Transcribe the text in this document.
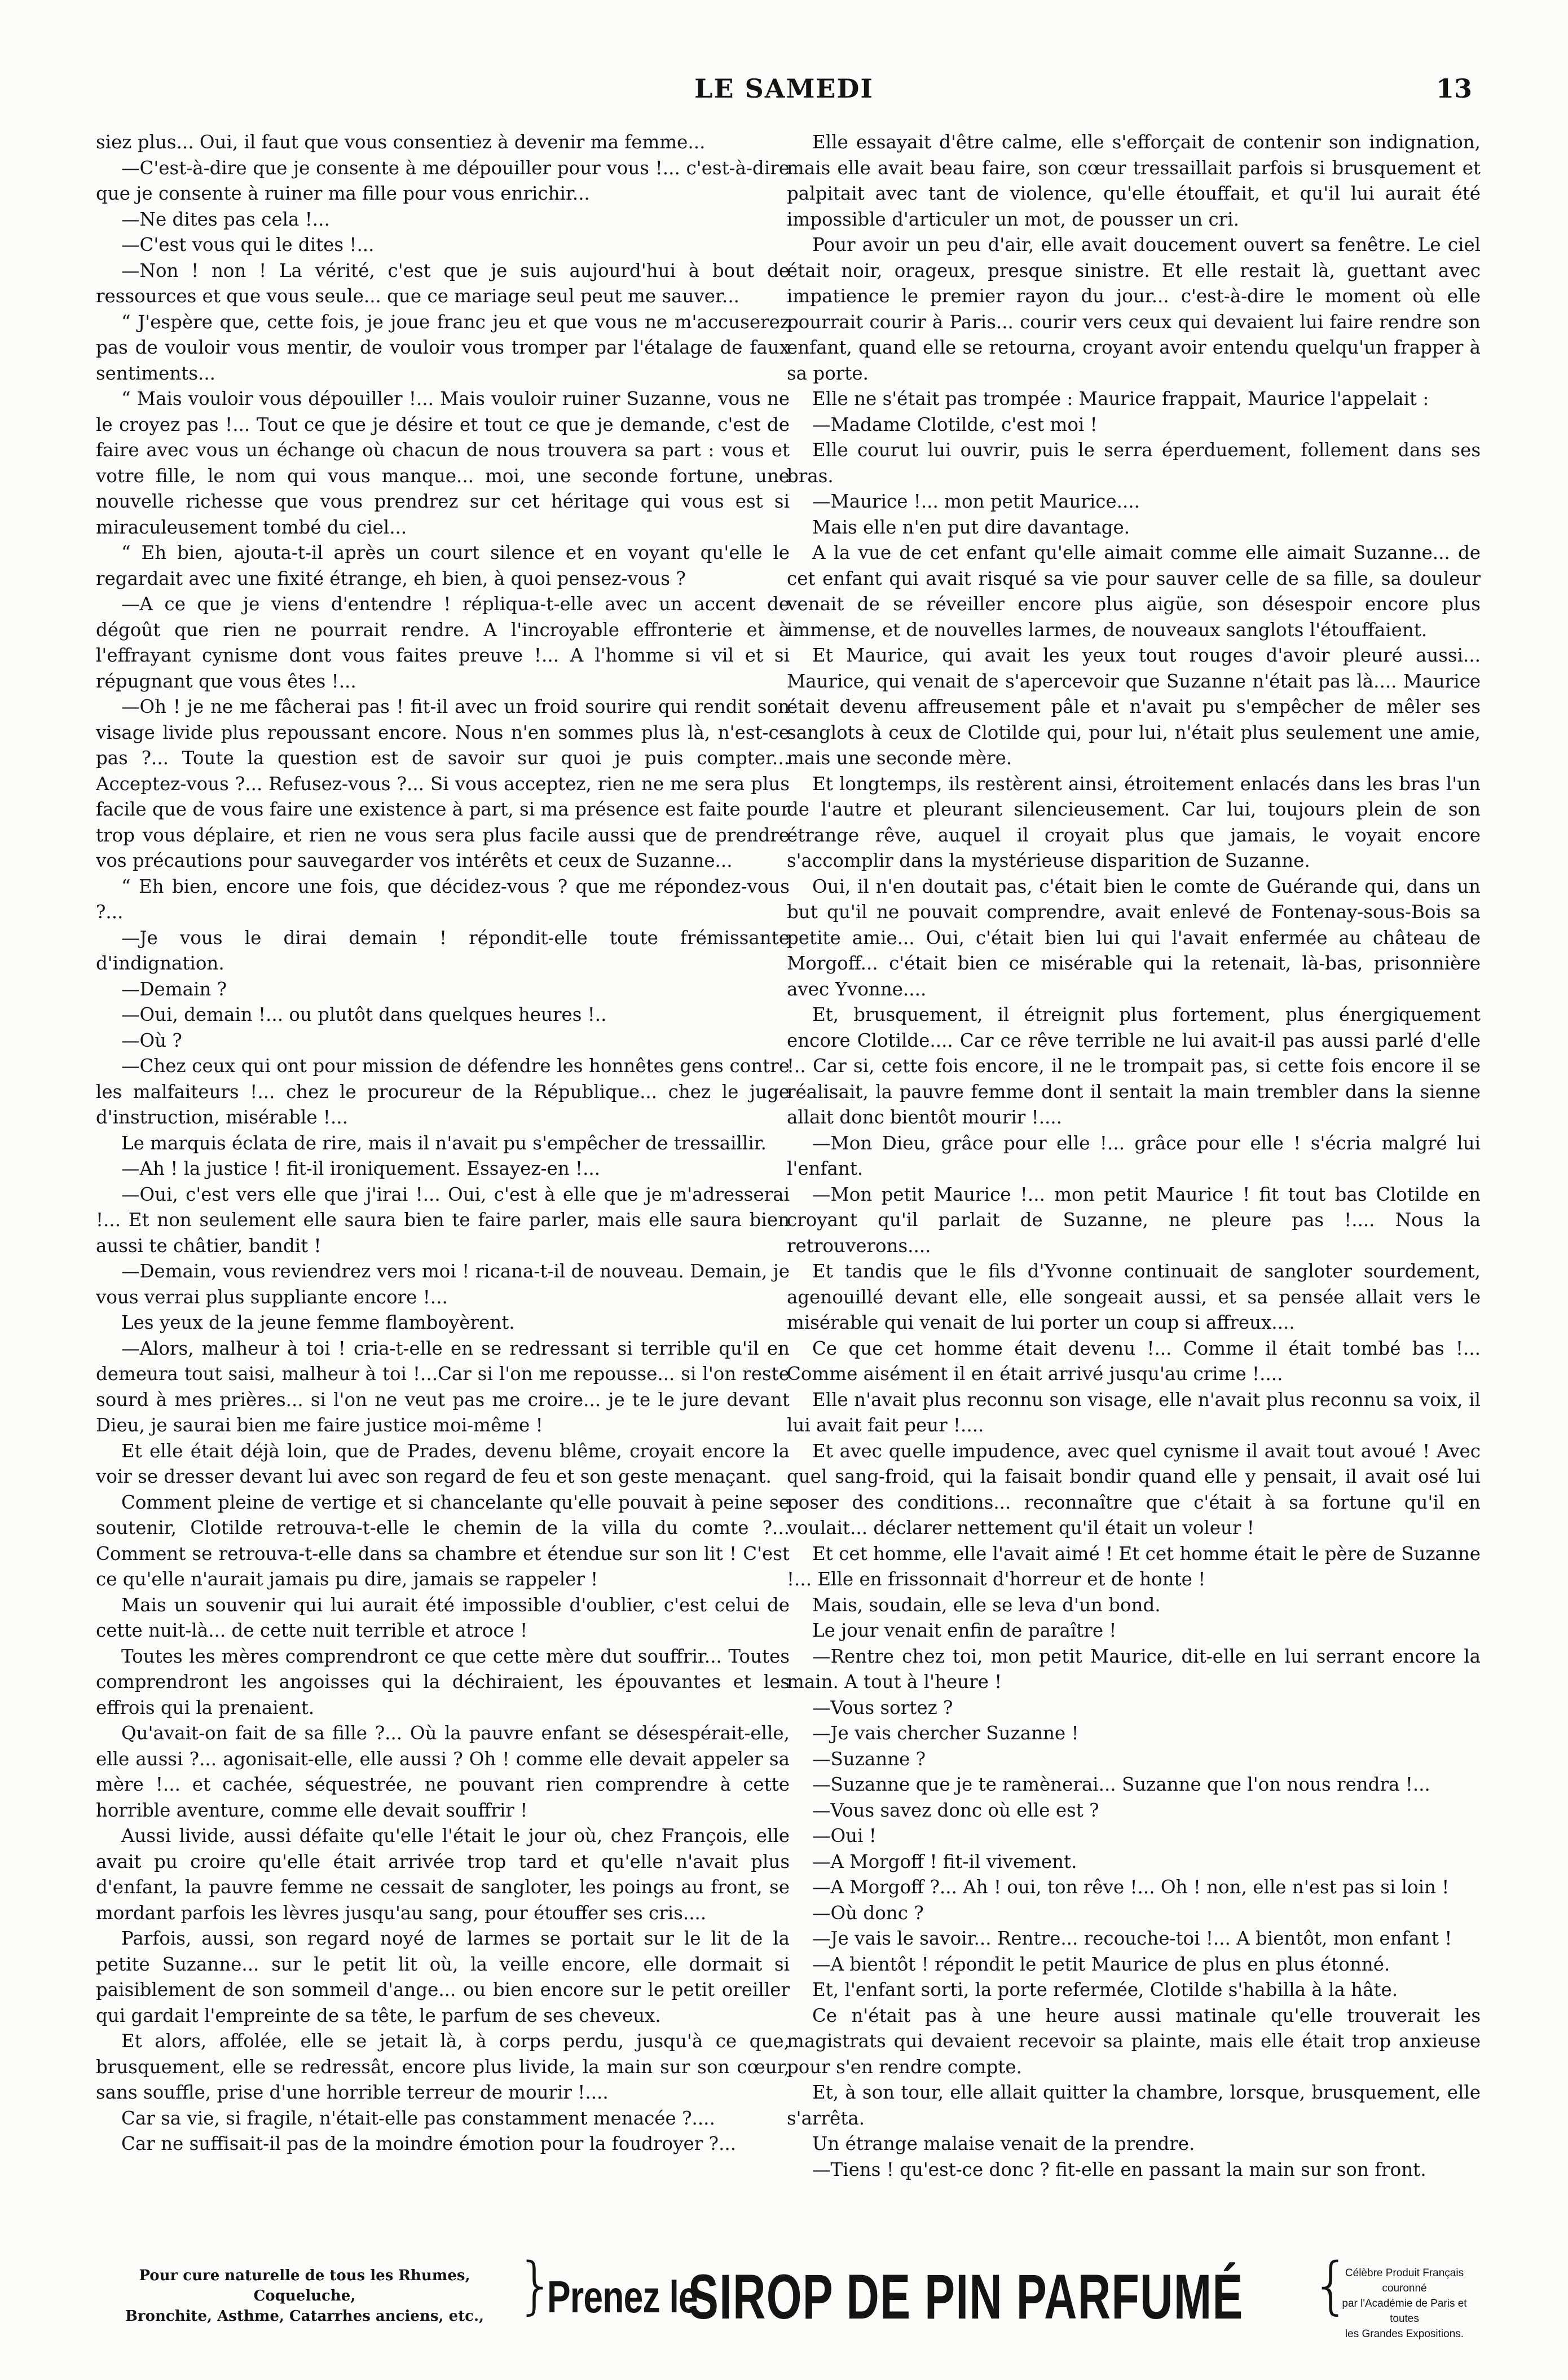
LE SAMEDI	13

siez plus... Oui, il faut que vous consentiez à devenir ma femme...

—C'est-à-dire que je consente à me dépouiller pour vous !... c'est-à-dire que je consente à ruiner ma fille pour vous enrichir...

—Ne dites pas cela !...

—C'est vous qui le dites !...

—Non ! non ! La vérité, c'est que je suis aujourd'hui à bout de ressources et que vous seule... que ce mariage seul peut me sauver...

“ J'espère que, cette fois, je joue franc jeu et que vous ne m'accuserez pas de vouloir vous mentir, de vouloir vous tromper par l'étalage de faux sentiments...

“ Mais vouloir vous dépouiller !... Mais vouloir ruiner Suzanne, vous ne le croyez pas !... Tout ce que je désire et tout ce que je demande, c'est de faire avec vous un échange où chacun de nous trouvera sa part : vous et votre fille, le nom qui vous manque... moi, une seconde fortune, une nouvelle richesse que vous prendrez sur cet héritage qui vous est si miraculeusement tombé du ciel...

“ Eh bien, ajouta-t-il après un court silence et en voyant qu'elle le regardait avec une fixité étrange, eh bien, à quoi pensez-vous ?

—A ce que je viens d'entendre ! répliqua-t-elle avec un accent de dégoût que rien ne pourrait rendre. A l'incroyable effronterie et à l'effrayant cynisme dont vous faites preuve !... A l'homme si vil et si répugnant que vous êtes !...

—Oh ! je ne me fâcherai pas ! fit-il avec un froid sourire qui rendit son visage livide plus repoussant encore. Nous n'en sommes plus là, n'est-ce pas ?... Toute la question est de savoir sur quoi je puis compter... Acceptez-vous ?... Refusez-vous ?... Si vous acceptez, rien ne me sera plus facile que de vous faire une existence à part, si ma présence est faite pour trop vous déplaire, et rien ne vous sera plus facile aussi que de prendre vos précautions pour sauvegarder vos intérêts et ceux de Suzanne...

“ Eh bien, encore une fois, que décidez-vous ? que me répondez-vous ?...

—Je vous le dirai demain ! répondit-elle toute frémissante d'indignation.

—Demain ?

—Oui, demain !... ou plutôt dans quelques heures !..

—Où ?

—Chez ceux qui ont pour mission de défendre les honnêtes gens contre les malfaiteurs !... chez le procureur de la République... chez le juge d'instruction, misérable !...

Le marquis éclata de rire, mais il n'avait pu s'empêcher de tressaillir.

—Ah ! la justice ! fit-il ironiquement. Essayez-en !...

—Oui, c'est vers elle que j'irai !... Oui, c'est à elle que je m'adresserai !... Et non seulement elle saura bien te faire parler, mais elle saura bien aussi te châtier, bandit !

—Demain, vous reviendrez vers moi ! ricana-t-il de nouveau. Demain, je vous verrai plus suppliante encore !...

Les yeux de la jeune femme flamboyèrent.

—Alors, malheur à toi ! cria-t-elle en se redressant si terrible qu'il en demeura tout saisi, malheur à toi !...Car si l'on me repousse... si l'on reste sourd à mes prières... si l'on ne veut pas me croire... je te le jure devant Dieu, je saurai bien me faire justice moi-même !

Et elle était déjà loin, que de Prades, devenu blême, croyait encore la voir se dresser devant lui avec son regard de feu et son geste menaçant.

Comment pleine de vertige et si chancelante qu'elle pouvait à peine se soutenir, Clotilde retrouva-t-elle le chemin de la villa du comte ?... Comment se retrouva-t-elle dans sa chambre et étendue sur son lit ! C'est ce qu'elle n'aurait jamais pu dire, jamais se rappeler !

Mais un souvenir qui lui aurait été impossible d'oublier, c'est celui de cette nuit-là... de cette nuit terrible et atroce !

Toutes les mères comprendront ce que cette mère dut souffrir... Toutes comprendront les angoisses qui la déchiraient, les épouvantes et les effrois qui la prenaient.

Qu'avait-on fait de sa fille ?... Où la pauvre enfant se désespérait-elle, elle aussi ?... agonisait-elle, elle aussi ? Oh ! comme elle devait appeler sa mère !... et cachée, séquestrée, ne pouvant rien comprendre à cette horrible aventure, comme elle devait souffrir !

Aussi livide, aussi défaite qu'elle l'était le jour où, chez François, elle avait pu croire qu'elle était arrivée trop tard et qu'elle n'avait plus d'enfant, la pauvre femme ne cessait de sangloter, les poings au front, se mordant parfois les lèvres jusqu'au sang, pour étouffer ses cris....

Parfois, aussi, son regard noyé de larmes se portait sur le lit de la petite Suzanne... sur le petit lit où, la veille encore, elle dormait si paisiblement de son sommeil d'ange... ou bien encore sur le petit oreiller qui gardait l'empreinte de sa tête, le parfum de ses cheveux.

Et alors, affolée, elle se jetait là, à corps perdu, jusqu'à ce que, brusquement, elle se redressât, encore plus livide, la main sur son cœur, sans souffle, prise d'une horrible terreur de mourir !....

Car sa vie, si fragile, n'était-elle pas constamment menacée ?....

Car ne suffisait-il pas de la moindre émotion pour la foudroyer ?...

Elle essayait d'être calme, elle s'efforçait de contenir son indignation, mais elle avait beau faire, son cœur tressaillait parfois si brusquement et palpitait avec tant de violence, qu'elle étouffait, et qu'il lui aurait été impossible d'articuler un mot, de pousser un cri.

Pour avoir un peu d'air, elle avait doucement ouvert sa fenêtre. Le ciel était noir, orageux, presque sinistre. Et elle restait là, guettant avec impatience le premier rayon du jour... c'est-à-dire le moment où elle pourrait courir à Paris... courir vers ceux qui devaient lui faire rendre son enfant, quand elle se retourna, croyant avoir entendu quelqu'un frapper à sa porte.

Elle ne s'était pas trompée : Maurice frappait, Maurice l'appelait :

—Madame Clotilde, c'est moi !

Elle courut lui ouvrir, puis le serra éperduement, follement dans ses bras.

—Maurice !... mon petit Maurice....

Mais elle n'en put dire davantage.

A la vue de cet enfant qu'elle aimait comme elle aimait Suzanne... de cet enfant qui avait risqué sa vie pour sauver celle de sa fille, sa douleur venait de se réveiller encore plus aigüe, son désespoir encore plus immense, et de nouvelles larmes, de nouveaux sanglots l'étouffaient.

Et Maurice, qui avait les yeux tout rouges d'avoir pleuré aussi... Maurice, qui venait de s'apercevoir que Suzanne n'était pas là.... Maurice était devenu affreusement pâle et n'avait pu s'empêcher de mêler ses sanglots à ceux de Clotilde qui, pour lui, n'était plus seulement une amie, mais une seconde mère.

Et longtemps, ils restèrent ainsi, étroitement enlacés dans les bras l'un de l'autre et pleurant silencieusement. Car lui, toujours plein de son étrange rêve, auquel il croyait plus que jamais, le voyait encore s'accomplir dans la mystérieuse disparition de Suzanne.

Oui, il n'en doutait pas, c'était bien le comte de Guérande qui, dans un but qu'il ne pouvait comprendre, avait enlevé de Fontenay-sous-Bois sa petite amie... Oui, c'était bien lui qui l'avait enfermée au château de Morgoff... c'était bien ce misérable qui la retenait, là-bas, prisonnière avec Yvonne....

Et, brusquement, il étreignit plus fortement, plus énergiquement encore Clotilde.... Car ce rêve terrible ne lui avait-il pas aussi parlé d'elle !.. Car si, cette fois encore, il ne le trompait pas, si cette fois encore il se réalisait, la pauvre femme dont il sentait la main trembler dans la sienne allait donc bientôt mourir !....

—Mon Dieu, grâce pour elle !... grâce pour elle ! s'écria malgré lui l'enfant.

—Mon petit Maurice !... mon petit Maurice ! fit tout bas Clotilde en croyant qu'il parlait de Suzanne, ne pleure pas !.... Nous la retrouverons....

Et tandis que le fils d'Yvonne continuait de sangloter sourdement, agenouillé devant elle, elle songeait aussi, et sa pensée allait vers le misérable qui venait de lui porter un coup si affreux....

Ce que cet homme était devenu !... Comme il était tombé bas !... Comme aisément il en était arrivé jusqu'au crime !....

Elle n'avait plus reconnu son visage, elle n'avait plus reconnu sa voix, il lui avait fait peur !....

Et avec quelle impudence, avec quel cynisme il avait tout avoué ! Avec quel sang-froid, qui la faisait bondir quand elle y pensait, il avait osé lui poser des conditions... reconnaître que c'était à sa fortune qu'il en voulait... déclarer nettement qu'il était un voleur !

Et cet homme, elle l'avait aimé ! Et cet homme était le père de Suzanne !... Elle en frissonnait d'horreur et de honte !

Mais, soudain, elle se leva d'un bond.

Le jour venait enfin de paraître !

—Rentre chez toi, mon petit Maurice, dit-elle en lui serrant encore la main. A tout à l'heure !

—Vous sortez ?

—Je vais chercher Suzanne !

—Suzanne ?

—Suzanne que je te ramènerai... Suzanne que l'on nous rendra !...

—Vous savez donc où elle est ?

—Oui !

—A Morgoff ! fit-il vivement.

—A Morgoff ?... Ah ! oui, ton rêve !... Oh ! non, elle n'est pas si loin !

—Où donc ?

—Je vais le savoir... Rentre... recouche-toi !... A bientôt, mon enfant !

—A bientôt ! répondit le petit Maurice de plus en plus étonné.

Et, l'enfant sorti, la porte refermée, Clotilde s'habilla à la hâte.

Ce n'était pas à une heure aussi matinale qu'elle trouverait les magistrats qui devaient recevoir sa plainte, mais elle était trop anxieuse pour s'en rendre compte.

Et, à son tour, elle allait quitter la chambre, lorsque, brusquement, elle s'arrêta.

Un étrange malaise venait de la prendre.

—Tiens ! qu'est-ce donc ? fit-elle en passant la main sur son front.

Pour cure naturelle de tous les Rhumes, Coqueluche,
Bronchite, Asthme, Catarrhes anciens, etc., }
Prenez le
SIROP DE PIN PARFUMÉ {
Célèbre Produit Français couronné
par l'Académie de Paris et toutes
les Grandes Expositions.
